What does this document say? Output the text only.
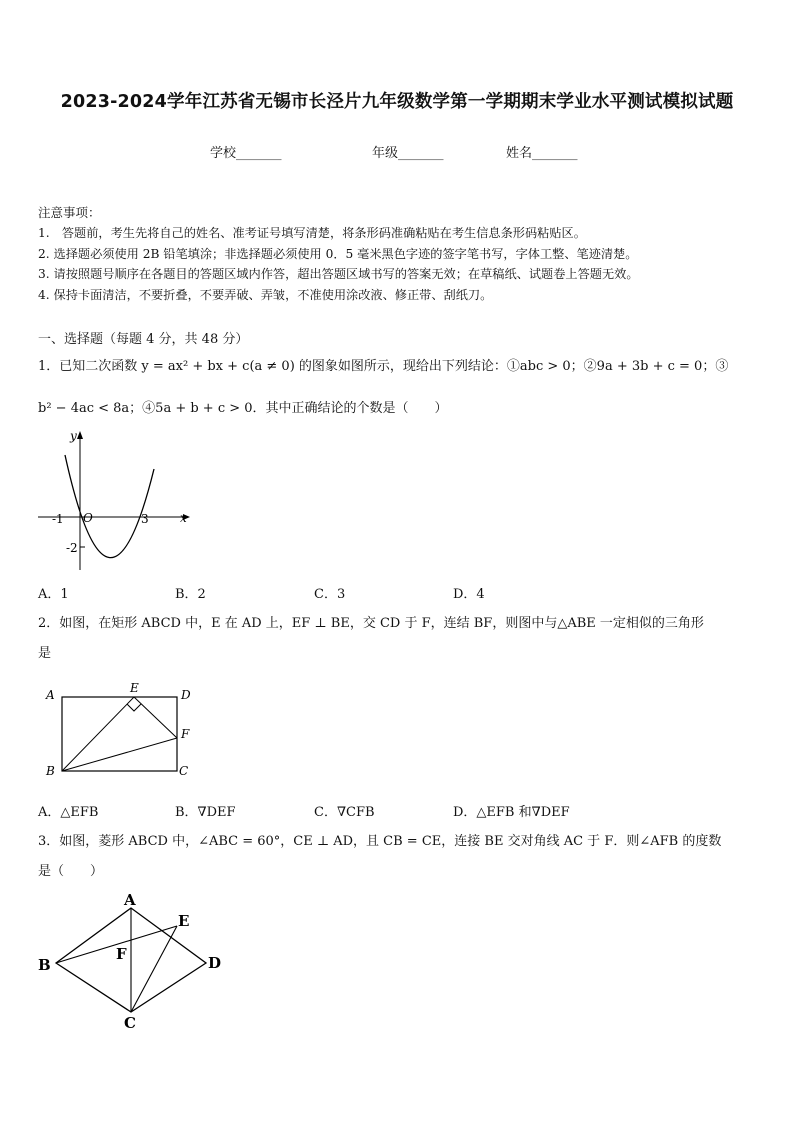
2023-2024学年江苏省无锡市长泾片九年级数学第一学期期末学业水平测试模拟试题
学校_______	年级_______	姓名_______
注意事项：
1.　答题前，考生先将自己的姓名、准考证号填写清楚，将条形码准确粘贴在考生信息条形码粘贴区。
2. 选择题必须使用 2B 铅笔填涂；非选择题必须使用 0．5 毫米黑色字迹的签字笔书写，字体工整、笔迹清楚。
3. 请按照题号顺序在各题目的答题区域内作答，超出答题区域书写的答案无效；在草稿纸、试题卷上答题无效。
4. 保持卡面清洁，不要折叠，不要弄破、弄皱，不准使用涂改液、修正带、刮纸刀。
一、选择题（每题 4 分，共 48 分）
1．已知二次函数 y = ax² + bx + c(a ≠ 0) 的图象如图所示，现给出下列结论：①abc > 0；②9a + 3b + c = 0；③
b² − 4ac < 8a；④5a + b + c > 0．其中正确结论的个数是（　　）
y
x
O
-1	3
-2
A．1	B．2	C．3	D．4
2．如图，在矩形 ABCD 中，E 在 AD 上，EF ⊥ BE，交 CD 于 F，连结 BF，则图中与△ABE 一定相似的三角形
是
A	E	D
F
B	C
A．△EFB	B．∇DEF	C．∇CFB	D．△EFB 和∇DEF
3．如图，菱形 ABCD 中，∠ABC = 60°，CE ⊥ AD，且 CB = CE，连接 BE 交对角线 AC 于 F．则∠AFB 的度数
是（　　）
A
E
B
F	D
C
